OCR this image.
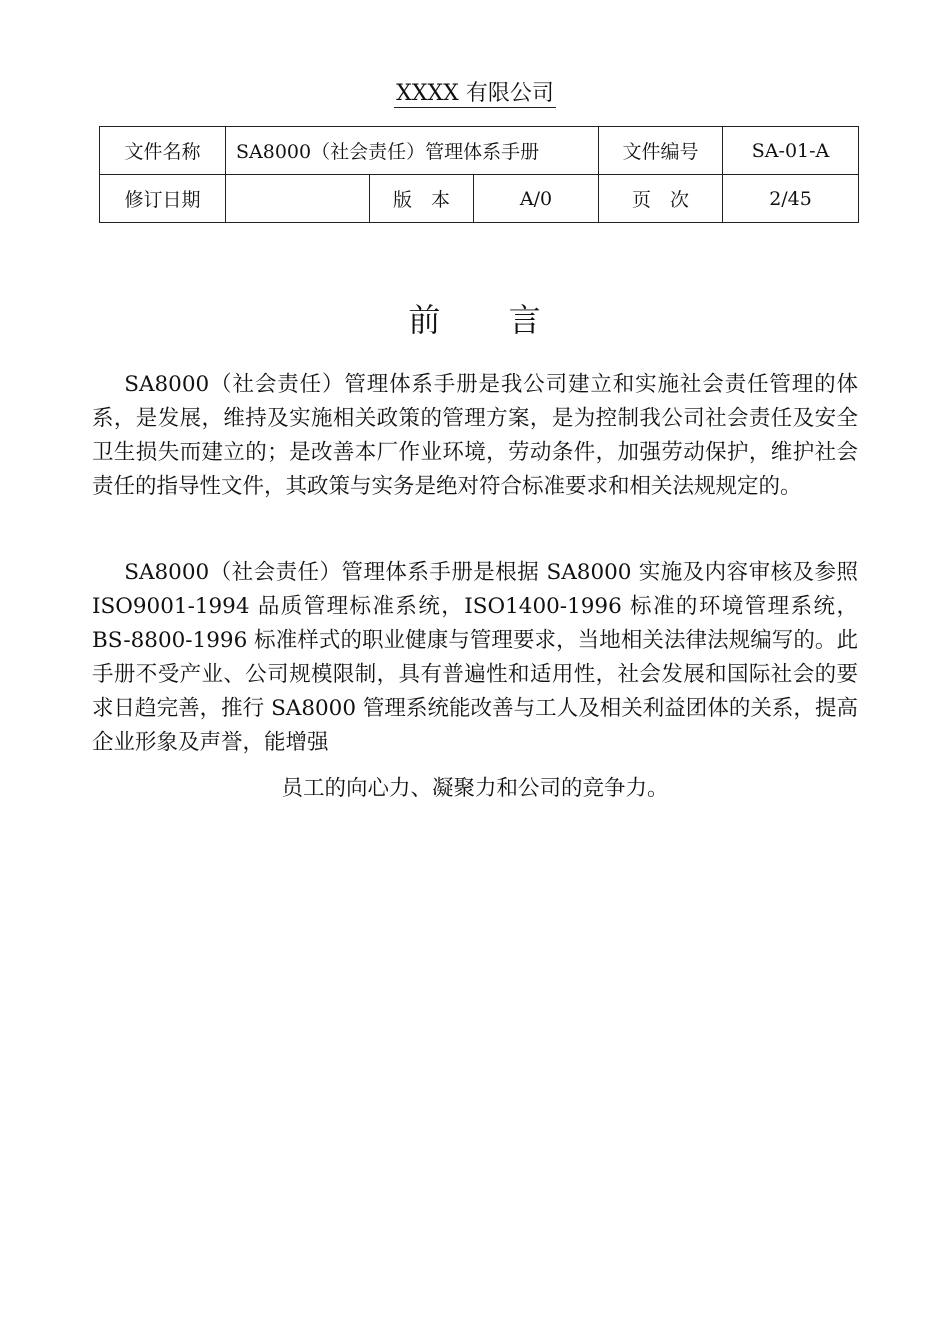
XXXX 有限公司
文件名称	SA8000（社会责任）管理体系手册			文件编号	SA-01-A
修订日期		版　本	A/0	页　次	2/45
前 言

  SA8000（社会责任）管理体系手册是我公司建立和实施社会责任管理的体系，是发展，维持及实施相关政策的管理方案，是为控制我公司社会责任及安全卫生损失而建立的；是改善本厂作业环境，劳动条件，加强劳动保护，维护社会责任的指导性文件，其政策与实务是绝对符合标准要求和相关法规规定的。

  SA8000（社会责任）管理体系手册是根据 SA8000 实施及内容审核及参照 ISO9001-1994 品质管理标准系统，ISO1400-1996 标准的环境管理系统，BS-8800-1996 标准样式的职业健康与管理要求，当地相关法律法规编写的。此手册不受产业、公司规模限制，具有普遍性和适用性，社会发展和国际社会的要求日趋完善，推行 SA8000 管理系统能改善与工人及相关利益团体的关系，提高企业形象及声誉，能增强

员工的向心力、凝聚力和公司的竞争力。
